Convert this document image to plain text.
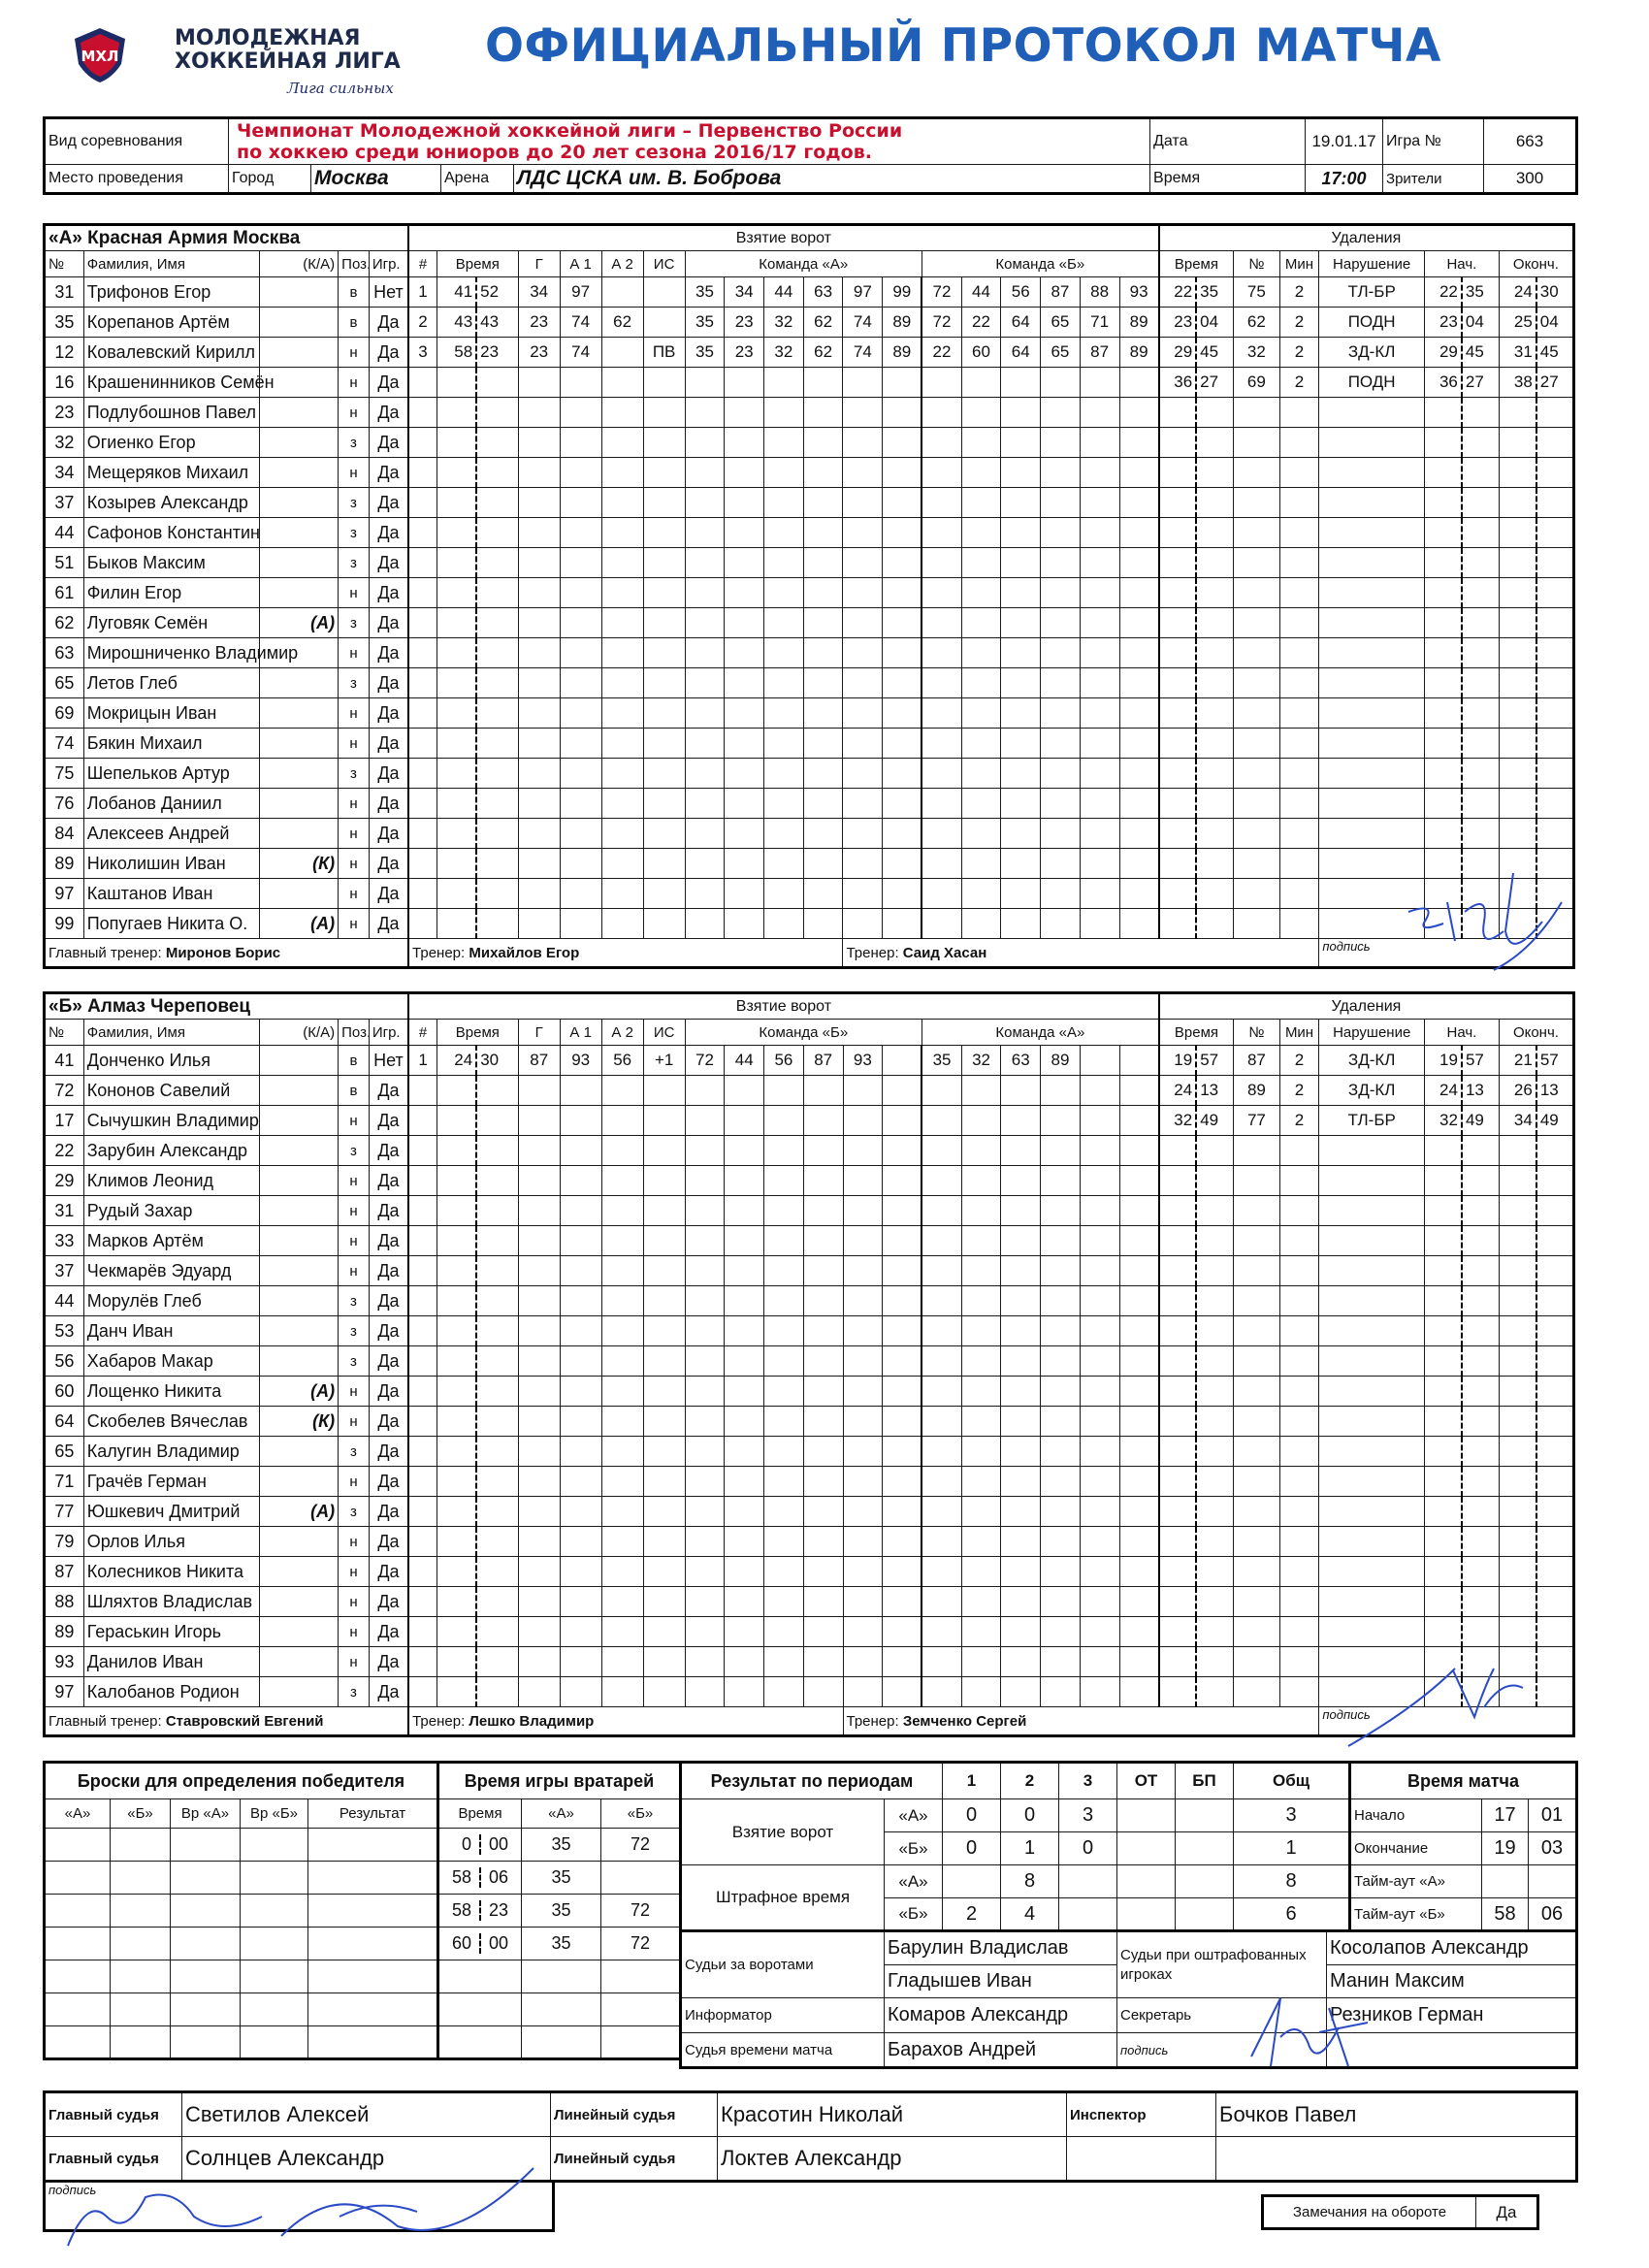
МХЛ
МОЛОДЕЖНАЯ
ХОККЕЙНАЯ ЛИГА
Лига сильных
ОФИЦИАЛЬНЫЙ ПРОТОКОЛ МАТЧА
Вид соревнования	Чемпионат Молодежной хоккейной лиги – Первенство России
по хоккею среди юниоров до 20 лет сезона 2016/17 годов.				Дата	19.01.17	Игра №	663
Место проведения	Город	Москва	Арена	ЛДС ЦСКА им. В. Боброва	Время	17:00	Зрители	300
«А» Красная Армия Москва					Взятие ворот																			Удаления								
№	Фамилия, Имя	(К/А)	Поз.	Игр.	#	Время		Г	А 1	А 2	ИС	Команда «А»						Команда «Б»						Время		№	Мин	Нарушение	Нач.		Оконч.	
31	Трифонов Егор		в	Нет	1	41	52	34	97			35	34	44	63	97	99	72	44	56	87	88	93	22	35	75	2	ТЛ-БР	22	35	24	30
35	Корепанов Артём		в	Да	2	43	43	23	74	62		35	23	32	62	74	89	72	22	64	65	71	89	23	04	62	2	ПОДН	23	04	25	04
12	Ковалевский Кирилл		н	Да	3	58	23	23	74		ПВ	35	23	32	62	74	89	22	60	64	65	87	89	29	45	32	2	ЗД-КЛ	29	45	31	45
16	Крашенинников Семён		н	Да																				36	27	69	2	ПОДН	36	27	38	27
23	Подлубошнов Павел		н	Да																												
32	Огиенко Егор		з	Да																												
34	Мещеряков Михаил		н	Да																												
37	Козырев Александр		з	Да																												
44	Сафонов Константин		з	Да																												
51	Быков Максим		з	Да																												
61	Филин Егор		н	Да																												
62	Луговяк Семён	(А)	з	Да																												
63	Мирошниченко Владимир		н	Да																												
65	Летов Глеб		з	Да																												
69	Мокрицын Иван		н	Да																												
74	Бякин Михаил		н	Да																												
75	Шепельков Артур		з	Да																												
76	Лобанов Даниил		н	Да																												
84	Алексеев Андрей		н	Да																												
89	Николишин Иван	(К)	н	Да																												
97	Каштанов Иван		н	Да																												
99	Попугаев Никита О.	(А)	н	Да																												
Главный тренер: Миронов Борис					Тренер: Михайлов Егор											Тренер: Саид Хасан												подпись				
«Б» Алмаз Череповец					Взятие ворот																			Удаления								
№	Фамилия, Имя	(К/А)	Поз.	Игр.	#	Время		Г	А 1	А 2	ИС	Команда «Б»						Команда «А»						Время		№	Мин	Нарушение	Нач.		Оконч.	
41	Донченко Илья		в	Нет	1	24	30	87	93	56	+1	72	44	56	87	93		35	32	63	89			19	57	87	2	ЗД-КЛ	19	57	21	57
72	Кононов Савелий		в	Да																				24	13	89	2	ЗД-КЛ	24	13	26	13
17	Сычушкин Владимир		н	Да																				32	49	77	2	ТЛ-БР	32	49	34	49
22	Зарубин Александр		з	Да																												
29	Климов Леонид		н	Да																												
31	Рудый Захар		н	Да																												
33	Марков Артём		н	Да																												
37	Чекмарёв Эдуард		н	Да																												
44	Морулёв Глеб		з	Да																												
53	Данч Иван		з	Да																												
56	Хабаров Макар		з	Да																												
60	Лощенко Никита	(А)	н	Да																												
64	Скобелев Вячеслав	(К)	н	Да																												
65	Калугин Владимир		з	Да																												
71	Грачёв Герман		н	Да																												
77	Юшкевич Дмитрий	(А)	з	Да																												
79	Орлов Илья		н	Да																												
87	Колесников Никита		н	Да																												
88	Шляхтов Владислав		н	Да																												
89	Гераськин Игорь		н	Да																												
93	Данилов Иван		н	Да																												
97	Калобанов Родион		з	Да																												
Главный тренер: Ставровский Евгений					Тренер: Лешко Владимир											Тренер: Земченко Сергей												подпись				
Броски для определения победителя				
«А»	«Б»	Вр «А»	Вр «Б»	Результат

Время игры вратарей		
Время	«А»	«Б»

0 00	35	72

58 06	35	

58 23	35	72

60 00	35	72

Результат по периодам		1	2	3	ОТ	БП	Общ
Взятие ворот	«А»	0	0	3			3
	«Б»	0	1	0			1
Штрафное время	«А»		8				8
	«Б»	2	4				6
Время матча		
Начало	17	01
Окончание	19	03
Тайм-аут «А»		
Тайм-аут «Б»	58	06
Судьи за воротами	Барулин Владислав	Судьи при оштрафованных игроках	Косолапов Александр
	Гладышев Иван		Манин Максим
Информатор	Комаров Александр	Секретарь	Резников Герман
Судья времени матча	Барахов Андрей	подпись	
Главный судья	Светилов Алексей	Линейный судья	Красотин Николай	Инспектор	Бочков Павел
Главный судья	Солнцев Александр	Линейный судья	Локтев Александр		
подпись
Замечания на обороте	Да
